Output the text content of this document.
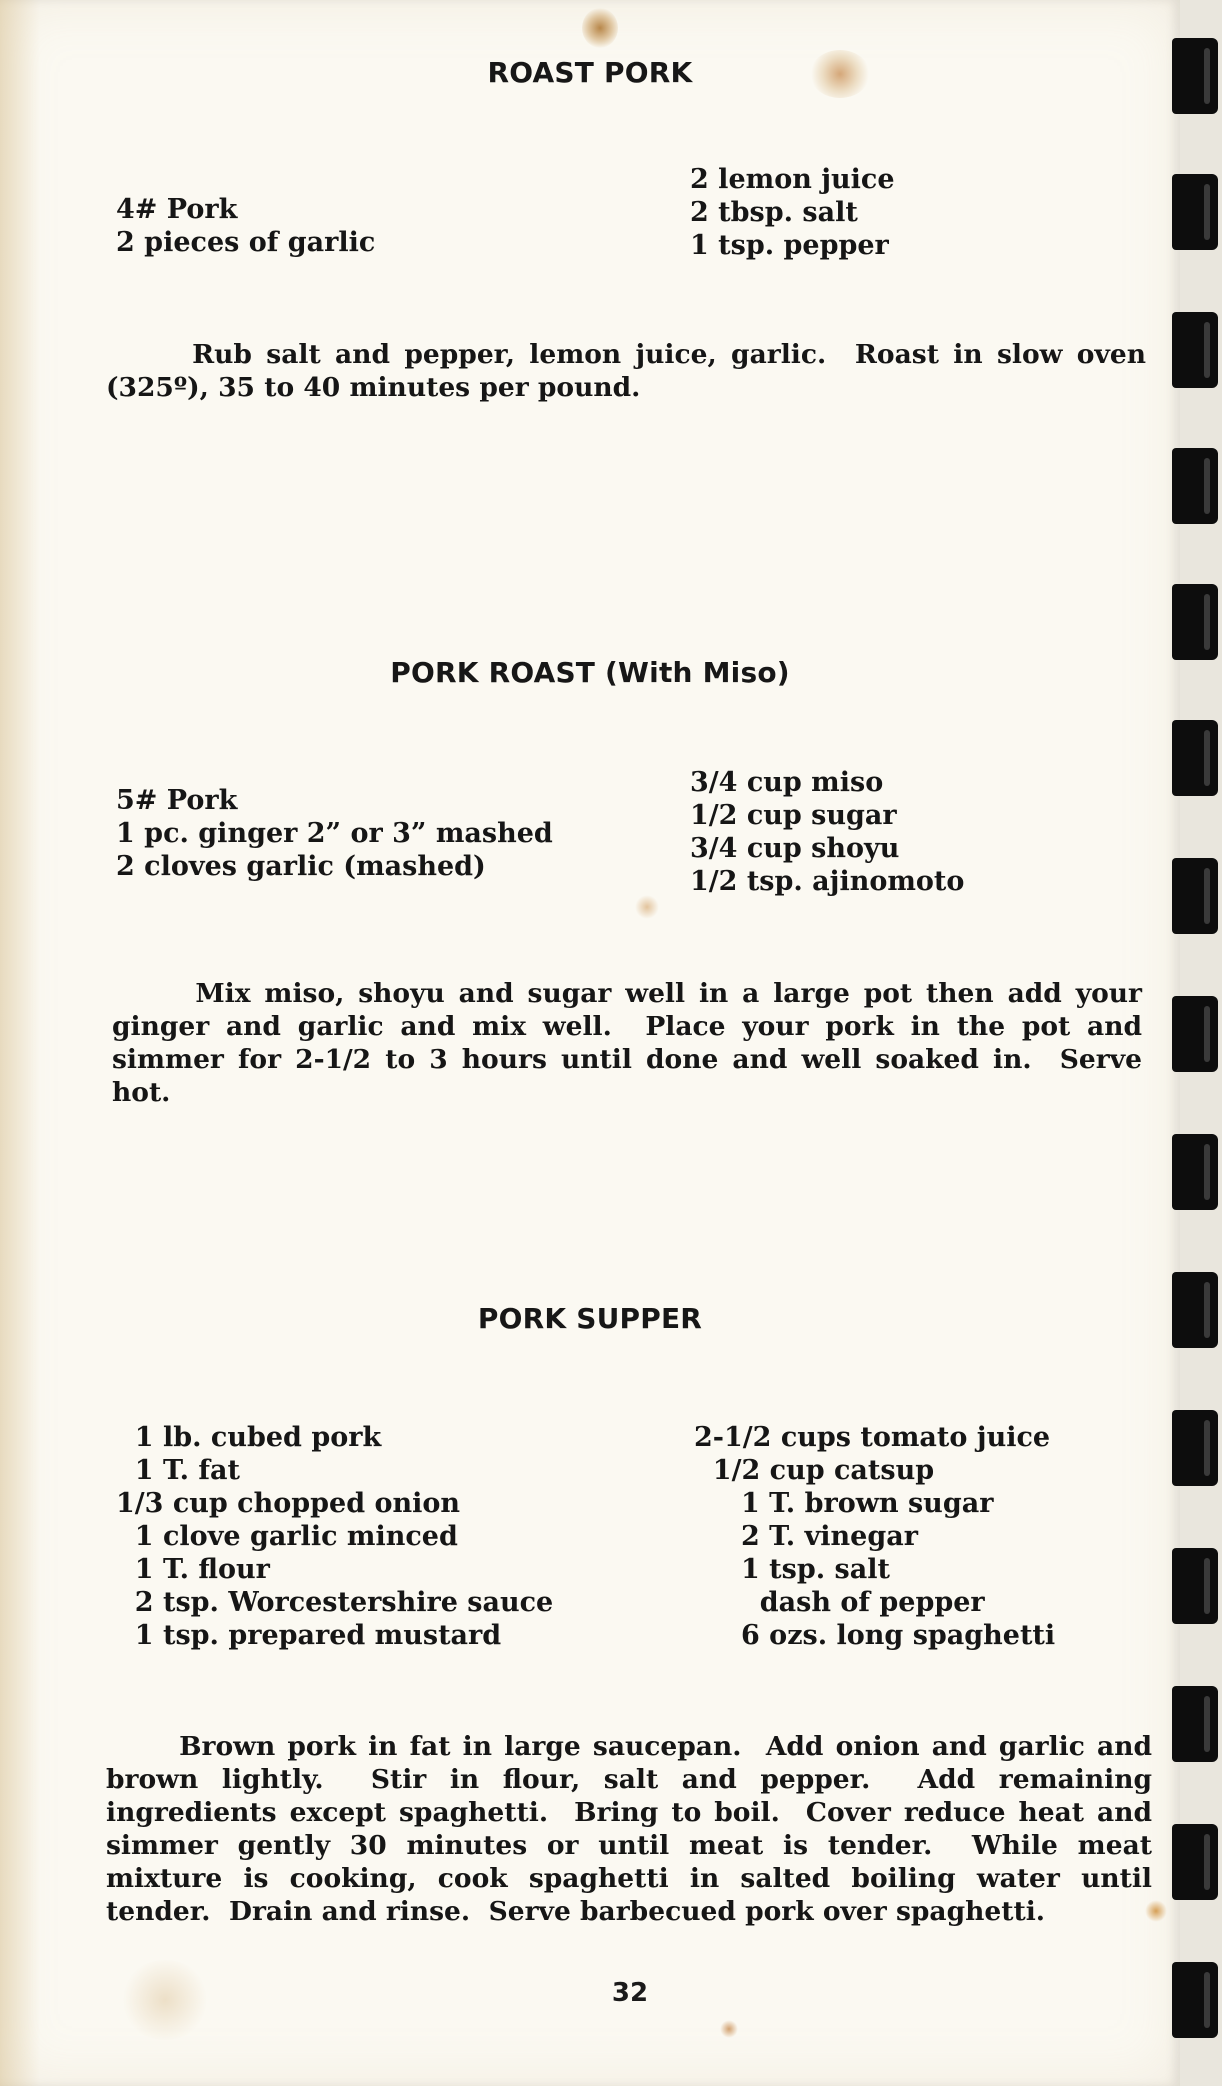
ROAST PORK
4# Pork
2 pieces of garlic
2 lemon juice
2 tbsp. salt
1 tsp. pepper

Rub salt and pepper, lemon juice, garlic.  Roast in slow oven (325º), 35 to 40 minutes per pound.

PORK ROAST (With Miso)
5# Pork
1 pc. ginger 2” or 3” mashed
2 cloves garlic (mashed)
3/4 cup miso
1/2 cup sugar
3/4 cup shoyu
1/2 tsp. ajinomoto

Mix miso, shoyu and sugar well in a large pot then add your ginger and garlic and mix well.  Place your pork in the pot and simmer for 2-1/2 to 3 hours until done and well soaked in.  Serve hot.

PORK SUPPER
1 lb. cubed pork
1 T. fat
1/3 cup chopped onion
1 clove garlic minced
1 T. flour
2 tsp. Worcestershire sauce
1 tsp. prepared mustard
2-1/2 cups tomato juice
1/2 cup catsup
1 T. brown sugar
2 T. vinegar
1 tsp. salt
dash of pepper
6 ozs. long spaghetti

Brown pork in fat in large saucepan.  Add onion and garlic and brown lightly.  Stir in flour, salt and pepper.  Add remaining ingredients except spaghetti.  Bring to boil.  Cover reduce heat and simmer gently 30 minutes or until meat is tender.  While meat mixture is cooking, cook spaghetti in salted boiling water until tender.  Drain and rinse.  Serve barbecued pork over spaghetti.

32
